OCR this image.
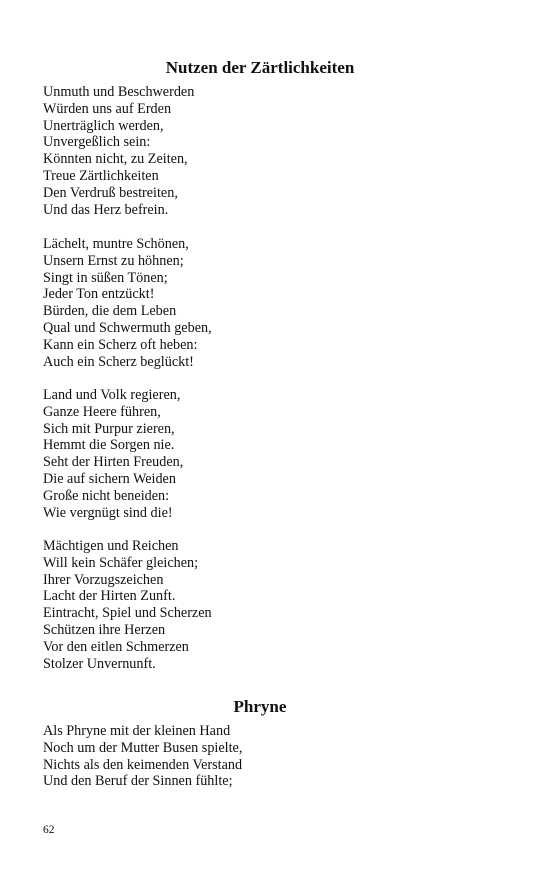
Nutzen der Zärtlichkeiten
Unmuth und Beschwerden
Würden uns auf Erden
Unerträglich werden,
Unvergeßlich sein:
Könnten nicht, zu Zeiten,
Treue Zärtlichkeiten
Den Verdruß bestreiten,
Und das Herz befrein.
Lächelt, muntre Schönen,
Unsern Ernst zu höhnen;
Singt in süßen Tönen;
Jeder Ton entzückt!
Bürden, die dem Leben
Qual und Schwermuth geben,
Kann ein Scherz oft heben:
Auch ein Scherz beglückt!
Land und Volk regieren,
Ganze Heere führen,
Sich mit Purpur zieren,
Hemmt die Sorgen nie.
Seht der Hirten Freuden,
Die auf sichern Weiden
Große nicht beneiden:
Wie vergnügt sind die!
Mächtigen und Reichen
Will kein Schäfer gleichen;
Ihrer Vorzugszeichen
Lacht der Hirten Zunft.
Eintracht, Spiel und Scherzen
Schützen ihre Herzen
Vor den eitlen Schmerzen
Stolzer Unvernunft.
Phryne
Als Phryne mit der kleinen Hand
Noch um der Mutter Busen spielte,
Nichts als den keimenden Verstand
Und den Beruf der Sinnen fühlte;
62
